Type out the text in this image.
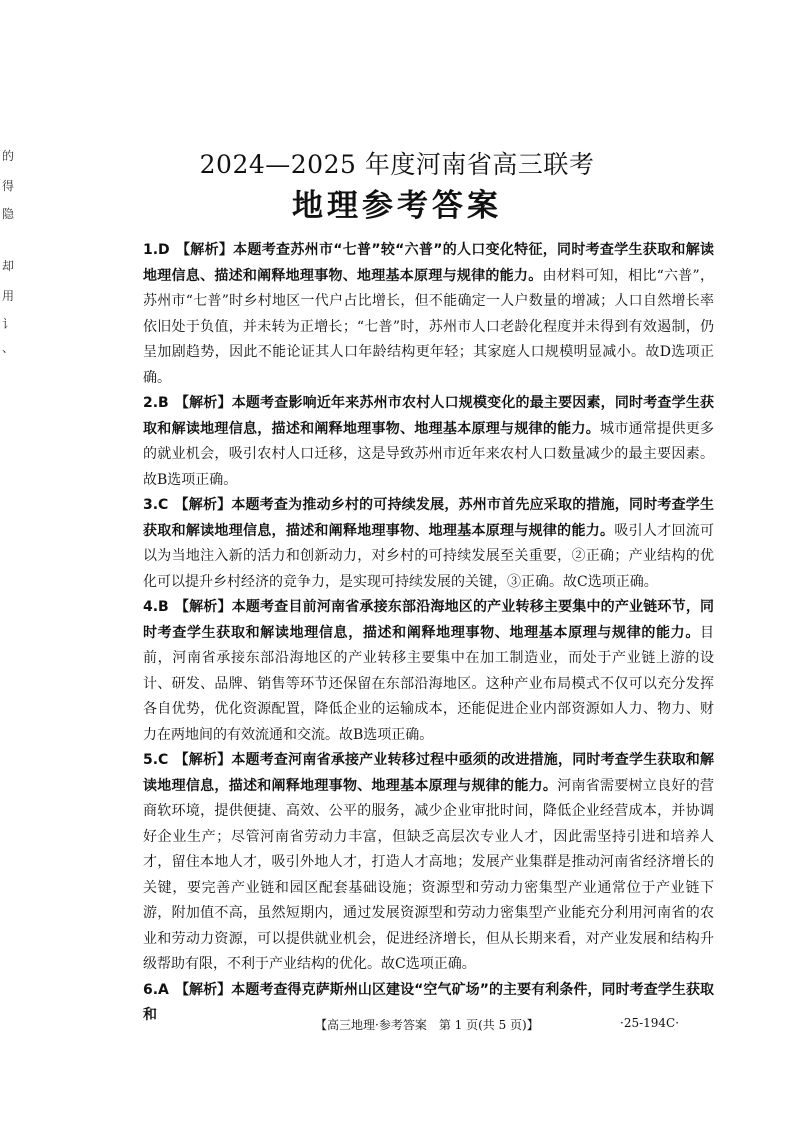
的
得
隐
却
用
讠
、
2024—2025 年度河南省高三联考
地理参考答案
1.D 【解析】本题考查苏州市“七普”较“六普”的人口变化特征，同时考查学生获取和解读地理信息、描述和阐释地理事物、地理基本原理与规律的能力。由材料可知，相比“六普”，苏州市“七普”时乡村地区一代户占比增长，但不能确定一人户数量的增减；人口自然增长率依旧处于负值，并未转为正增长；“七普”时，苏州市人口老龄化程度并未得到有效遏制，仍呈加剧趋势，因此不能论证其人口年龄结构更年轻；其家庭人口规模明显减小。故D选项正确。
2.B 【解析】本题考查影响近年来苏州市农村人口规模变化的最主要因素，同时考查学生获取和解读地理信息，描述和阐释地理事物、地理基本原理与规律的能力。城市通常提供更多的就业机会，吸引农村人口迁移，这是导致苏州市近年来农村人口数量减少的最主要因素。故B选项正确。
3.C 【解析】本题考查为推动乡村的可持续发展，苏州市首先应采取的措施，同时考查学生获取和解读地理信息，描述和阐释地理事物、地理基本原理与规律的能力。吸引人才回流可以为当地注入新的活力和创新动力，对乡村的可持续发展至关重要，②正确；产业结构的优化可以提升乡村经济的竞争力，是实现可持续发展的关键，③正确。故C选项正确。
4.B 【解析】本题考查目前河南省承接东部沿海地区的产业转移主要集中的产业链环节，同时考查学生获取和解读地理信息，描述和阐释地理事物、地理基本原理与规律的能力。目前，河南省承接东部沿海地区的产业转移主要集中在加工制造业，而处于产业链上游的设计、研发、品牌、销售等环节还保留在东部沿海地区。这种产业布局模式不仅可以充分发挥各自优势，优化资源配置，降低企业的运输成本，还能促进企业内部资源如人力、物力、财力在两地间的有效流通和交流。故B选项正确。
5.C 【解析】本题考查河南省承接产业转移过程中亟须的改进措施，同时考查学生获取和解读地理信息，描述和阐释地理事物、地理基本原理与规律的能力。河南省需要树立良好的营商软环境，提供便捷、高效、公平的服务，减少企业审批时间，降低企业经营成本，并协调好企业生产；尽管河南省劳动力丰富，但缺乏高层次专业人才，因此需坚持引进和培养人才，留住本地人才，吸引外地人才，打造人才高地；发展产业集群是推动河南省经济增长的关键，要完善产业链和园区配套基础设施；资源型和劳动力密集型产业通常位于产业链下游，附加值不高，虽然短期内，通过发展资源型和劳动力密集型产业能充分利用河南省的农业和劳动力资源，可以提供就业机会，促进经济增长，但从长期来看，对产业发展和结构升级帮助有限，不利于产业结构的优化。故C选项正确。
6.A 【解析】本题考查得克萨斯州山区建设“空气矿场”的主要有利条件，同时考查学生获取和
【高三地理·参考答案　第 1 页(共 5 页)】	·25-194C·
